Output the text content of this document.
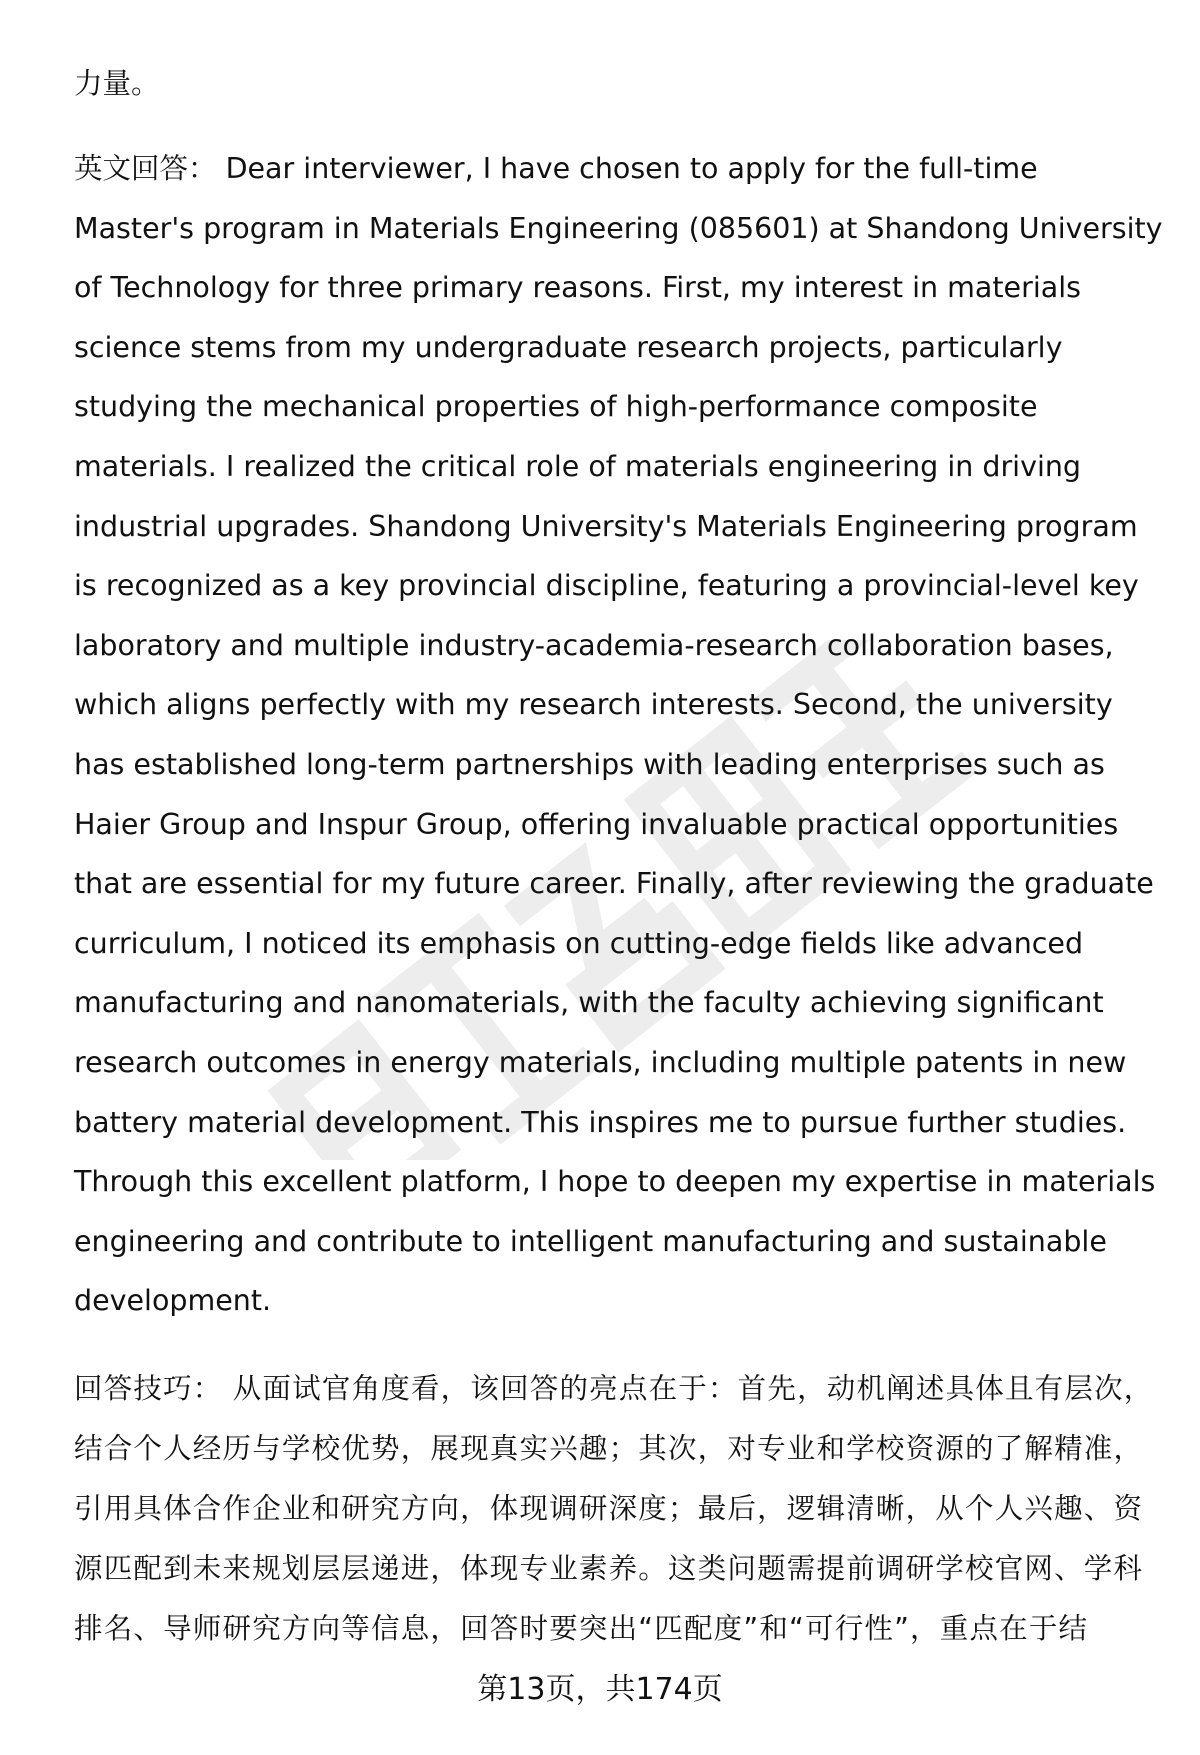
力量。

英文回答： Dear interviewer, I have chosen to apply for the full-time Master's program in Materials Engineering (085601) at Shandong University of Technology for three primary reasons. First, my interest in materials science stems from my undergraduate research projects, particularly studying the mechanical properties of high-performance composite materials. I realized the critical role of materials engineering in driving industrial upgrades. Shandong University's Materials Engineering program is recognized as a key provincial discipline, featuring a provincial-level key laboratory and multiple industry-academia-research collaboration bases, which aligns perfectly with my research interests. Second, the university has established long-term partnerships with leading enterprises such as Haier Group and Inspur Group, offering invaluable practical opportunities that are essential for my future career. Finally, after reviewing the graduate curriculum, I noticed its emphasis on cutting-edge fields like advanced manufacturing and nanomaterials, with the faculty achieving significant research outcomes in energy materials, including multiple patents in new battery material development. This inspires me to pursue further studies. Through this excellent platform, I hope to deepen my expertise in materials engineering and contribute to intelligent manufacturing and sustainable development.

回答技巧： 从面试官角度看，该回答的亮点在于：首先，动机阐述具体且有层次，结合个人经历与学校优势，展现真实兴趣；其次，对专业和学校资源的了解精准，引用具体合作企业和研究方向，体现调研深度；最后，逻辑清晰，从个人兴趣、资源匹配到未来规划层层递进，体现专业素养。这类问题需提前调研学校官网、学科排名、导师研究方向等信息，回答时要突出“匹配度”和“可行性”，重点在于结

第13页，共174页
